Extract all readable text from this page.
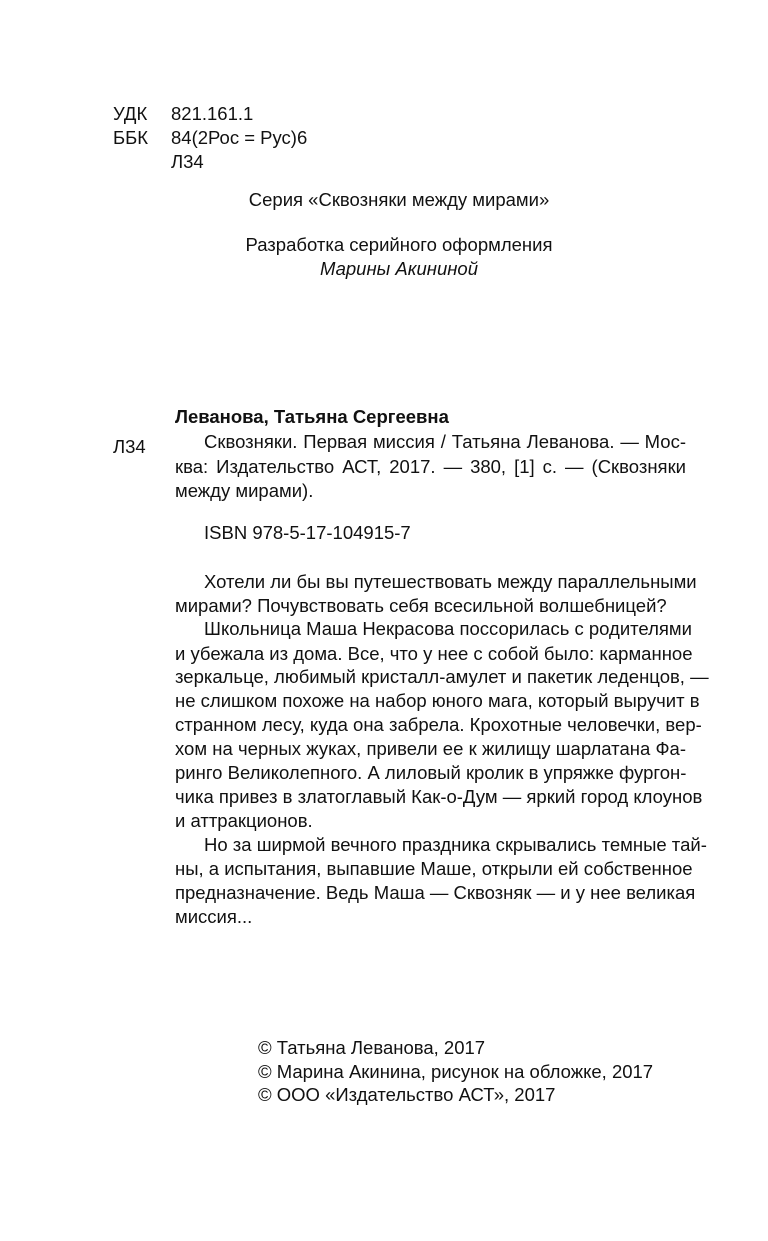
УДК 821.161.1
ББК 84(2Рос = Рус)6
Л34
Серия «Сквозняки между мирами»
Разработка серийного оформления
Марины Акининой
Леванова, Татьяна Сергеевна
Л34	Сквозняки. Первая миссия / Татьяна Леванова. — Мос-
ква: Издательство АСТ, 2017. — 380, [1] с. — (Сквозняки
между мирами).
ISBN 978-5-17-104915-7
Хотели ли бы вы путешествовать между параллельными
мирами? Почувствовать себя всесильной волшебницей?
Школьница Маша Некрасова поссорилась с родителями
и убежала из дома. Все, что у нее с собой было: карманное
зеркальце, любимый кристалл-амулет и пакетик леденцов, —
не слишком похоже на набор юного мага, который выручит в
странном лесу, куда она забрела. Крохотные человечки, вер-
хом на черных жуках, привели ее к жилищу шарлатана Фа-
ринго Великолепного. А лиловый кролик в упряжке фургон-
чика привез в златоглавый Как-о-Дум — яркий город клоунов
и аттракционов.
Но за ширмой вечного праздника скрывались темные тай-
ны, а испытания, выпавшие Маше, открыли ей собственное
предназначение. Ведь Маша — Сквозняк — и у нее великая
миссия...
© Татьяна Леванова, 2017
© Марина Акинина, рисунок на обложке, 2017
© ООО «Издательство АСТ», 2017
